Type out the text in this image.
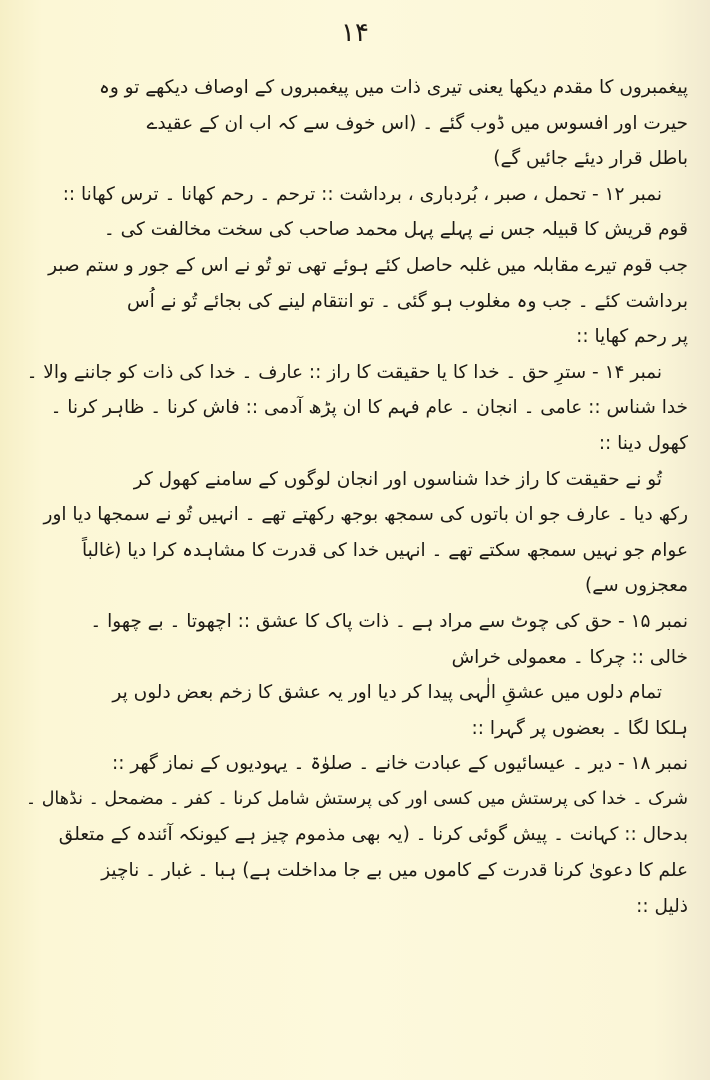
۱۴
پیغمبروں کا مقدم دیکھا یعنی تیری ذات میں پیغمبروں کے اوصاف دیکھے تو وہ
حیرت اور افسوس میں ڈوب گئے ۔ (اس خوف سے کہ اب ان کے عقیدے
باطل قرار دیئے جائیں گے)
نمبر ۱۲ - تحمل ، صبر ، بُردباری ، برداشت :: ترحم ۔ رحم کھانا ۔ ترس کھانا ::
قوم قریش کا قبیلہ جس نے پہلے پہل محمد صاحب کی سخت مخالفت کی ۔
جب قوم تیرے مقابلہ میں غلبہ حاصل کئے ہوئے تھی تو تُو نے اس کے جور و ستم صبر
برداشت کئے ۔ جب وہ مغلوب ہو گئی ۔ تو انتقام لینے کی بجائے تُو نے اُس
پر رحم کھایا ::
نمبر ۱۴ - سترِ حق ۔ خدا کا یا حقیقت کا راز :: عارف ۔ خدا کی ذات کو جاننے والا ۔
خدا شناس :: عامی ۔ انجان ۔ عام فہم کا ان پڑھ آدمی :: فاش کرنا ۔ ظاہر کرنا ۔
کھول دینا ::
تُو نے حقیقت کا راز خدا شناسوں اور انجان لوگوں کے سامنے کھول کر
رکھ دیا ۔ عارف جو ان باتوں کی سمجھ بوجھ رکھتے تھے ۔ انہیں تُو نے سمجھا دیا اور
عوام جو نہیں سمجھ سکتے تھے ۔ انہیں خدا کی قدرت کا مشاہدہ کرا دیا (غالباً
معجزوں سے)
نمبر ۱۵ - حق کی چوٹ سے مراد ہے ۔ ذات پاک کا عشق :: اچھوتا ۔ بے چھوا ۔
خالی :: چرکا ۔ معمولی خراش
تمام دلوں میں عشقِ الٰہی پیدا کر دیا اور یہ عشق کا زخم بعض دلوں پر
ہلکا لگا ۔ بعضوں پر گہرا ::
نمبر ۱۸ - دیر ۔ عیسائیوں کے عبادت خانے ۔ صلوٰۃ ۔ یہودیوں کے نماز گھر ::
شرک ۔ خدا کی پرستش میں کسی اور کی پرستش شامل کرنا ۔ کفر ۔ مضمحل ۔ نڈھال ۔
بدحال :: کہانت ۔ پیش گوئی کرنا ۔ (یہ بھی مذموم چیز ہے کیونکہ آئندہ کے متعلق
علم کا دعویٰ کرنا قدرت کے کاموں میں بے جا مداخلت ہے) ہبا ۔ غبار ۔ ناچیز
ذلیل ::
